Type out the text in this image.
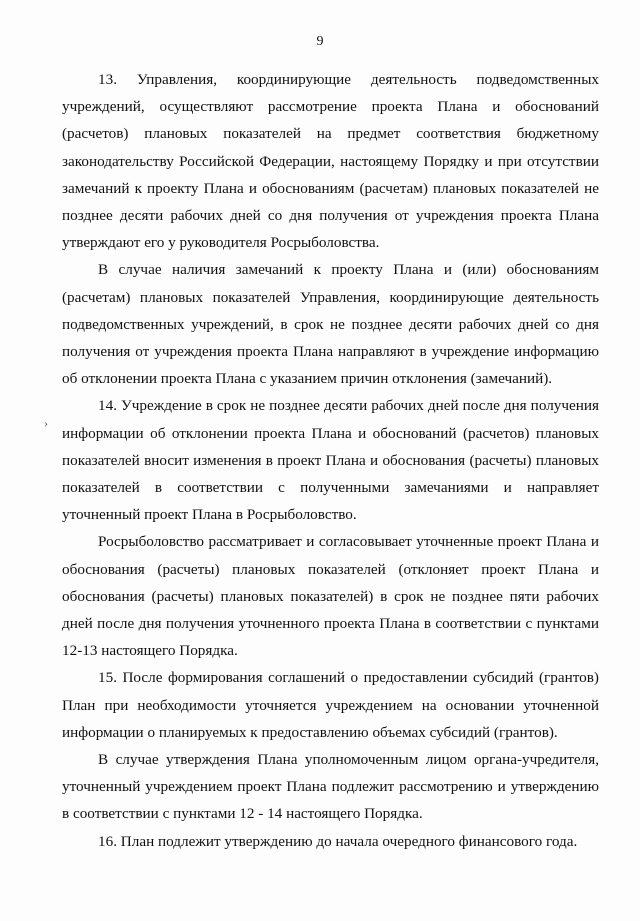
9
›

13. Управления, координирующие деятельность подведомственных учреждений, осуществляют рассмотрение проекта Плана и обоснований (расчетов) плановых показателей на предмет соответствия бюджетному законодательству Российской Федерации, настоящему Порядку и при отсутствии замечаний к проекту Плана и обоснованиям (расчетам) плановых показателей не позднее десяти рабочих дней со дня получения от учреждения проекта Плана утверждают его у руководителя Росрыболовства.

В случае наличия замечаний к проекту Плана и (или) обоснованиям (расчетам) плановых показателей Управления, координирующие деятельность подведомственных учреждений, в срок не позднее десяти рабочих дней со дня получения от учреждения проекта Плана направляют в учреждение информацию об отклонении проекта Плана с указанием причин отклонения (замечаний).

14. Учреждение в срок не позднее десяти рабочих дней после дня получения информации об отклонении проекта Плана и обоснований (расчетов) плановых показателей вносит изменения в проект Плана и обоснования (расчеты) плановых показателей в соответствии с полученными замечаниями и направляет уточненный проект Плана в Росрыболовство.

Росрыболовство рассматривает и согласовывает уточненные проект Плана и обоснования (расчеты) плановых показателей (отклоняет проект Плана и обоснования (расчеты) плановых показателей) в срок не позднее пяти рабочих дней после дня получения уточненного проекта Плана в соответствии с пунктами 12-13 настоящего Порядка.

15. После формирования соглашений о предоставлении субсидий (грантов) План при необходимости уточняется учреждением на основании уточненной информации о планируемых к предоставлению объемах субсидий (грантов).

В случае утверждения Плана уполномоченным лицом органа-учредителя, уточненный учреждением проект Плана подлежит рассмотрению и утверждению в соответствии с пунктами 12 - 14 настоящего Порядка.

16. План подлежит утверждению до начала очередного финансового года.
